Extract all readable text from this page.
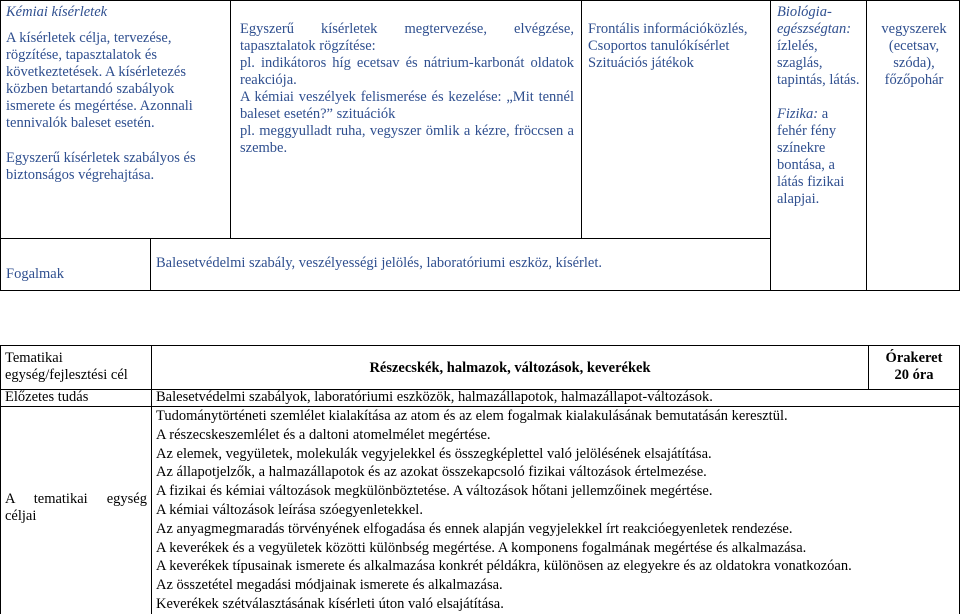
Kémiai kísérletek

A kísérletek célja, tervezése, rögzítése, tapasztalatok és következtetések. A kísérletezés közben betartandó szabályok ismerete és megértése. Azonnali tennivalók baleset esetén.

Egyszerű kísérletek szabályos és biztonságos végrehajtása.

Egyszerű kísérletek megtervezése, elvégzése, tapasztalatok rögzítése:
pl. indikátoros híg ecetsav és nátrium-karbonát oldatok reakciója.
A kémiai veszélyek felismerése és kezelése: „Mit tennél baleset esetén?” szituációk
pl. meggyulladt ruha, vegyszer ömlik a kézre, fröccsen a szembe.
Frontális információközlés,
Csoportos tanulókísérlet
Szituációs játékok
Biológia-egészségtan:
ízlelés, szaglás, tapintás, látás.
Fizika: a
fehér fény színekre bontása, a látás fizikai alapjai.

vegyszerek (ecetsav, szóda), főzőpohár

Fogalmak

Balesetvédelmi szabály, veszélyességi jelölés, laboratóriumi eszköz, kísérlet.

Tematikai egység/fejlesztési cél	Részecskék, halmazok, változások, keverékek

Órakeret
20 óra

Előzetes tudás	Balesetvédelmi szabályok, laboratóriumi eszközök, halmazállapotok, halmazállapot-változások.

A tematikai egység céljai

Tudománytörténeti szemlélet kialakítása az atom és az elem fogalmak kialakulásának bemutatásán keresztül.
A részecskeszemlélet és a daltoni atomelmélet megértése.
Az elemek, vegyületek, molekulák vegyjelekkel és összegképlettel való jelölésének elsajátítása.
Az állapotjelzők, a halmazállapotok és az azokat összekapcsoló fizikai változások értelmezése.
A fizikai és kémiai változások megkülönböztetése. A változások hőtani jellemzőinek megértése.
A kémiai változások leírása szóegyenletekkel.
Az anyagmegmaradás törvényének elfogadása és ennek alapján vegyjelekkel írt reakcióegyenletek rendezése.
A keverékek és a vegyületek közötti különbség megértése. A komponens fogalmának megértése és alkalmazása.
A keverékek típusainak ismerete és alkalmazása konkrét példákra, különösen az elegyekre és az oldatokra vonatkozóan.
Az összetétel megadási módjainak ismerete és alkalmazása.
Keverékek szétválasztásának kísérleti úton való elsajátítása.
